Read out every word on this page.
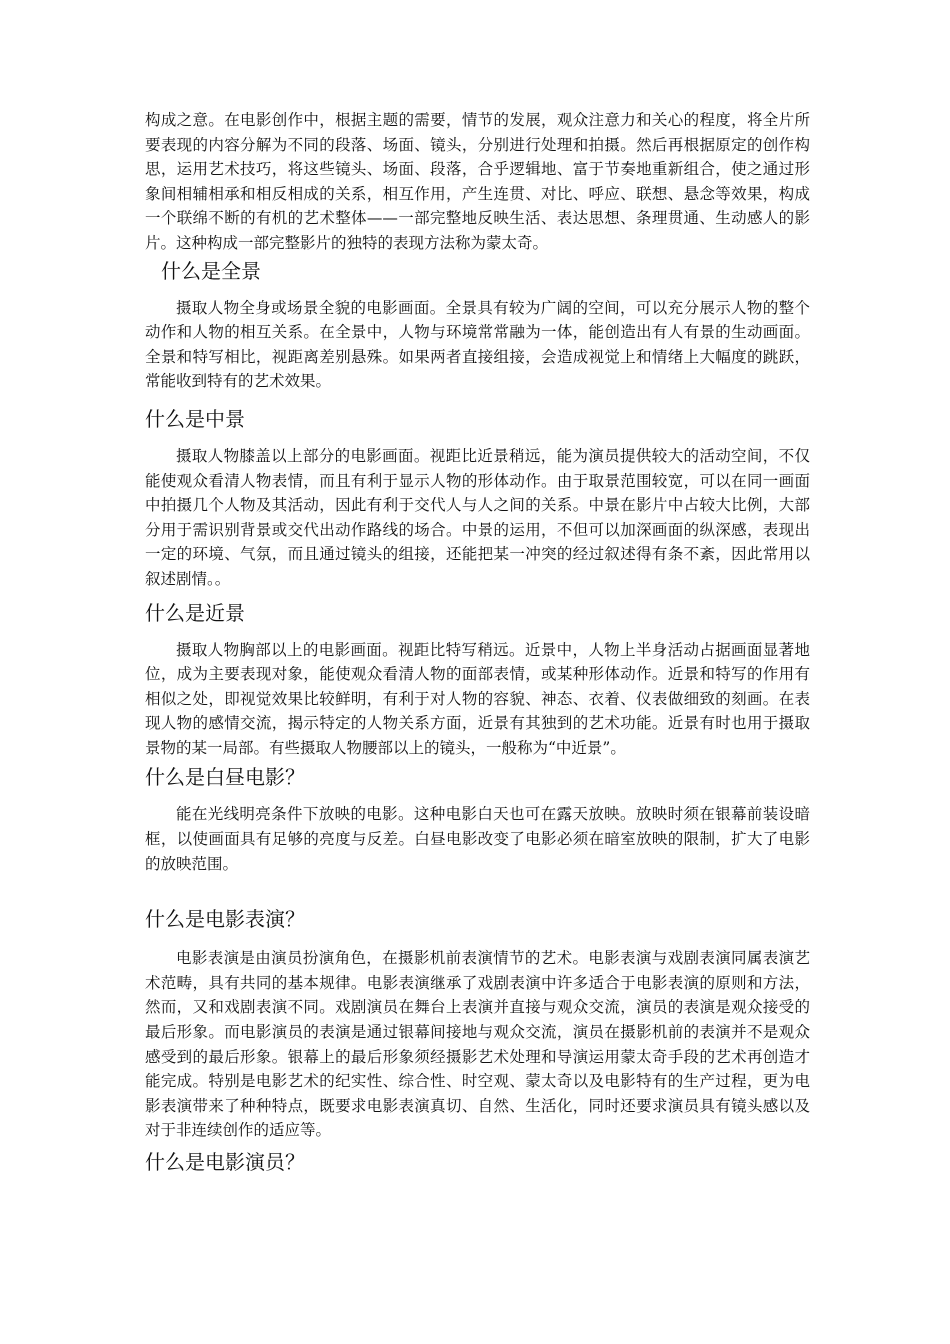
构成之意。在电影创作中，根据主题的需要，情节的发展，观众注意力和关心的程度，将全片所要表现的内容分解为不同的段落、场面、镜头，分别进行处理和拍摄。然后再根据原定的创作构思，运用艺术技巧，将这些镜头、场面、段落，合乎逻辑地、富于节奏地重新组合，使之通过形象间相辅相承和相反相成的关系，相互作用，产生连贯、对比、呼应、联想、悬念等效果，构成一个联绵不断的有机的艺术整体——一部完整地反映生活、表达思想、条理贯通、生动感人的影片。这种构成一部完整影片的独特的表现方法称为蒙太奇。

什么是全景

摄取人物全身或场景全貌的电影画面。全景具有较为广阔的空间，可以充分展示人物的整个动作和人物的相互关系。在全景中，人物与环境常常融为一体，能创造出有人有景的生动画面。全景和特写相比，视距离差别悬殊。如果两者直接组接，会造成视觉上和情绪上大幅度的跳跃，常能收到特有的艺术效果。

什么是中景

摄取人物膝盖以上部分的电影画面。视距比近景稍远，能为演员提供较大的活动空间，不仅能使观众看清人物表情，而且有利于显示人物的形体动作。由于取景范围较宽，可以在同一画面中拍摄几个人物及其活动，因此有利于交代人与人之间的关系。中景在影片中占较大比例，大部分用于需识别背景或交代出动作路线的场合。中景的运用，不但可以加深画面的纵深感，表现出一定的环境、气氛，而且通过镜头的组接，还能把某一冲突的经过叙述得有条不紊，因此常用以叙述剧情。。

什么是近景

摄取人物胸部以上的电影画面。视距比特写稍远。近景中，人物上半身活动占据画面显著地位，成为主要表现对象，能使观众看清人物的面部表情，或某种形体动作。近景和特写的作用有相似之处，即视觉效果比较鲜明，有利于对人物的容貌、神态、衣着、仪表做细致的刻画。在表现人物的感情交流，揭示特定的人物关系方面，近景有其独到的艺术功能。近景有时也用于摄取景物的某一局部。有些摄取人物腰部以上的镜头，一般称为“中近景”。

什么是白昼电影？

能在光线明亮条件下放映的电影。这种电影白天也可在露天放映。放映时须在银幕前装设暗框，以使画面具有足够的亮度与反差。白昼电影改变了电影必须在暗室放映的限制，扩大了电影的放映范围。

什么是电影表演？

电影表演是由演员扮演角色，在摄影机前表演情节的艺术。电影表演与戏剧表演同属表演艺术范畴，具有共同的基本规律。电影表演继承了戏剧表演中许多适合于电影表演的原则和方法，然而，又和戏剧表演不同。戏剧演员在舞台上表演并直接与观众交流，演员的表演是观众接受的最后形象。而电影演员的表演是通过银幕间接地与观众交流，演员在摄影机前的表演并不是观众感受到的最后形象。银幕上的最后形象须经摄影艺术处理和导演运用蒙太奇手段的艺术再创造才能完成。特别是电影艺术的纪实性、综合性、时空观、蒙太奇以及电影特有的生产过程，更为电影表演带来了种种特点，既要求电影表演真切、自然、生活化，同时还要求演员具有镜头感以及对于非连续创作的适应等。

什么是电影演员？
